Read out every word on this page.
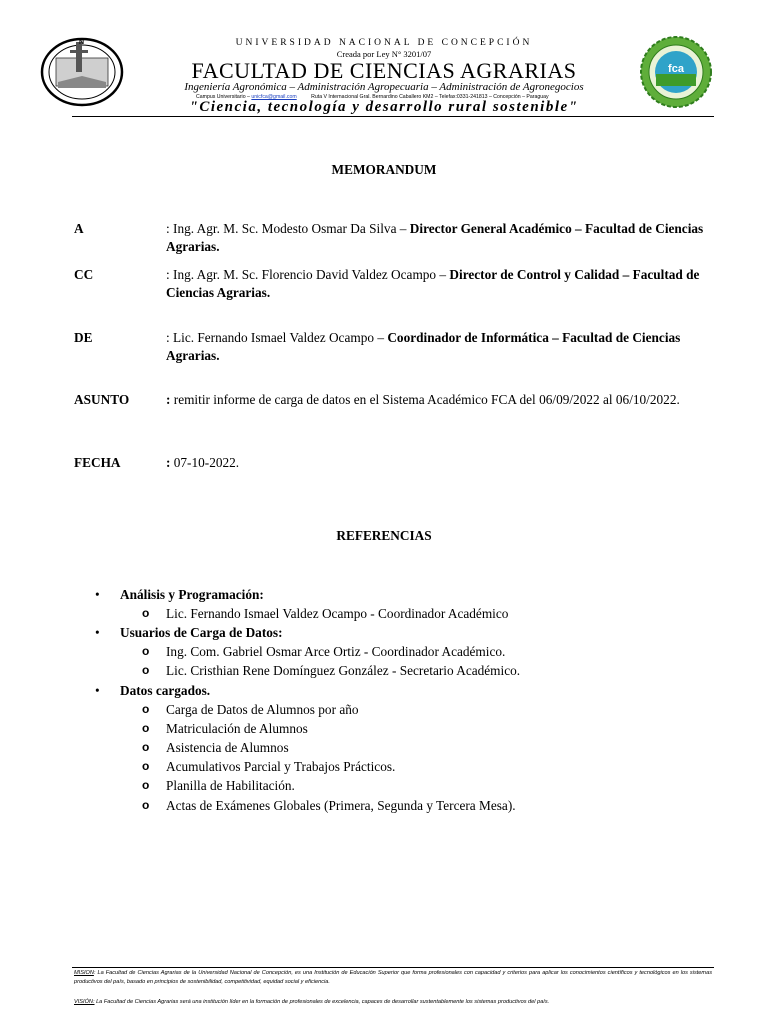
N
fca
UNIVERSIDAD NACIONAL DE CONCEPCIÓN
Creada por Ley N° 3201/07
FACULTAD DE CIENCIAS AGRARIAS
Ingeniería Agronómica – Administración Agropecuaria – Administración de Agronegocios
Campus Universitario – unicfca@gmail.com          Ruta V Internacional Gral. Bernardino Caballero KM2 – Telefax:0331-241813 – Concepción – Paraguay
"Ciencia, tecnología y desarrollo rural sostenible"
MEMORANDUM
A	: Ing. Agr. M. Sc. Modesto Osmar Da Silva – Director General Académico – Facultad de Ciencias Agrarias.
CC	: Ing. Agr. M. Sc. Florencio David Valdez Ocampo – Director de Control y Calidad – Facultad de Ciencias Agrarias.
DE	: Lic. Fernando Ismael Valdez Ocampo – Coordinador de Informática – Facultad de Ciencias Agrarias.
ASUNTO	: remitir informe de carga de datos en el Sistema Académico FCA del 06/09/2022 al 06/10/2022.
FECHA	: 07-10-2022.
REFERENCIAS
•	Análisis y Programación:
o Lic. Fernando Ismael Valdez Ocampo - Coordinador Académico
•	Usuarios de Carga de Datos:
o Ing. Com. Gabriel Osmar Arce Ortiz - Coordinador Académico.
o Lic. Cristhian Rene Domínguez González - Secretario Académico.
•	Datos cargados.
o Carga de Datos de Alumnos por año
o Matriculación de Alumnos
o Asistencia de Alumnos
o Acumulativos Parcial y Trabajos Prácticos.
o Planilla de Habilitación.
o Actas de Exámenes Globales (Primera, Segunda y Tercera Mesa).
MISION: La Facultad de Ciencias Agrarias de la Universidad Nacional de Concepción, es una Institución de Educación Superior que forma profesionales con capacidad y criterios para aplicar los conocimientos científicos y tecnológicos en los sistemas productivos del país, basado en principios de sostenibilidad, competitividad, equidad social y eficiencia.
VISIÓN: La Facultad de Ciencias Agrarias será una institución líder en la formación de profesionales de excelencia, capaces de desarrollar sustentablemente los sistemas productivos del país.
